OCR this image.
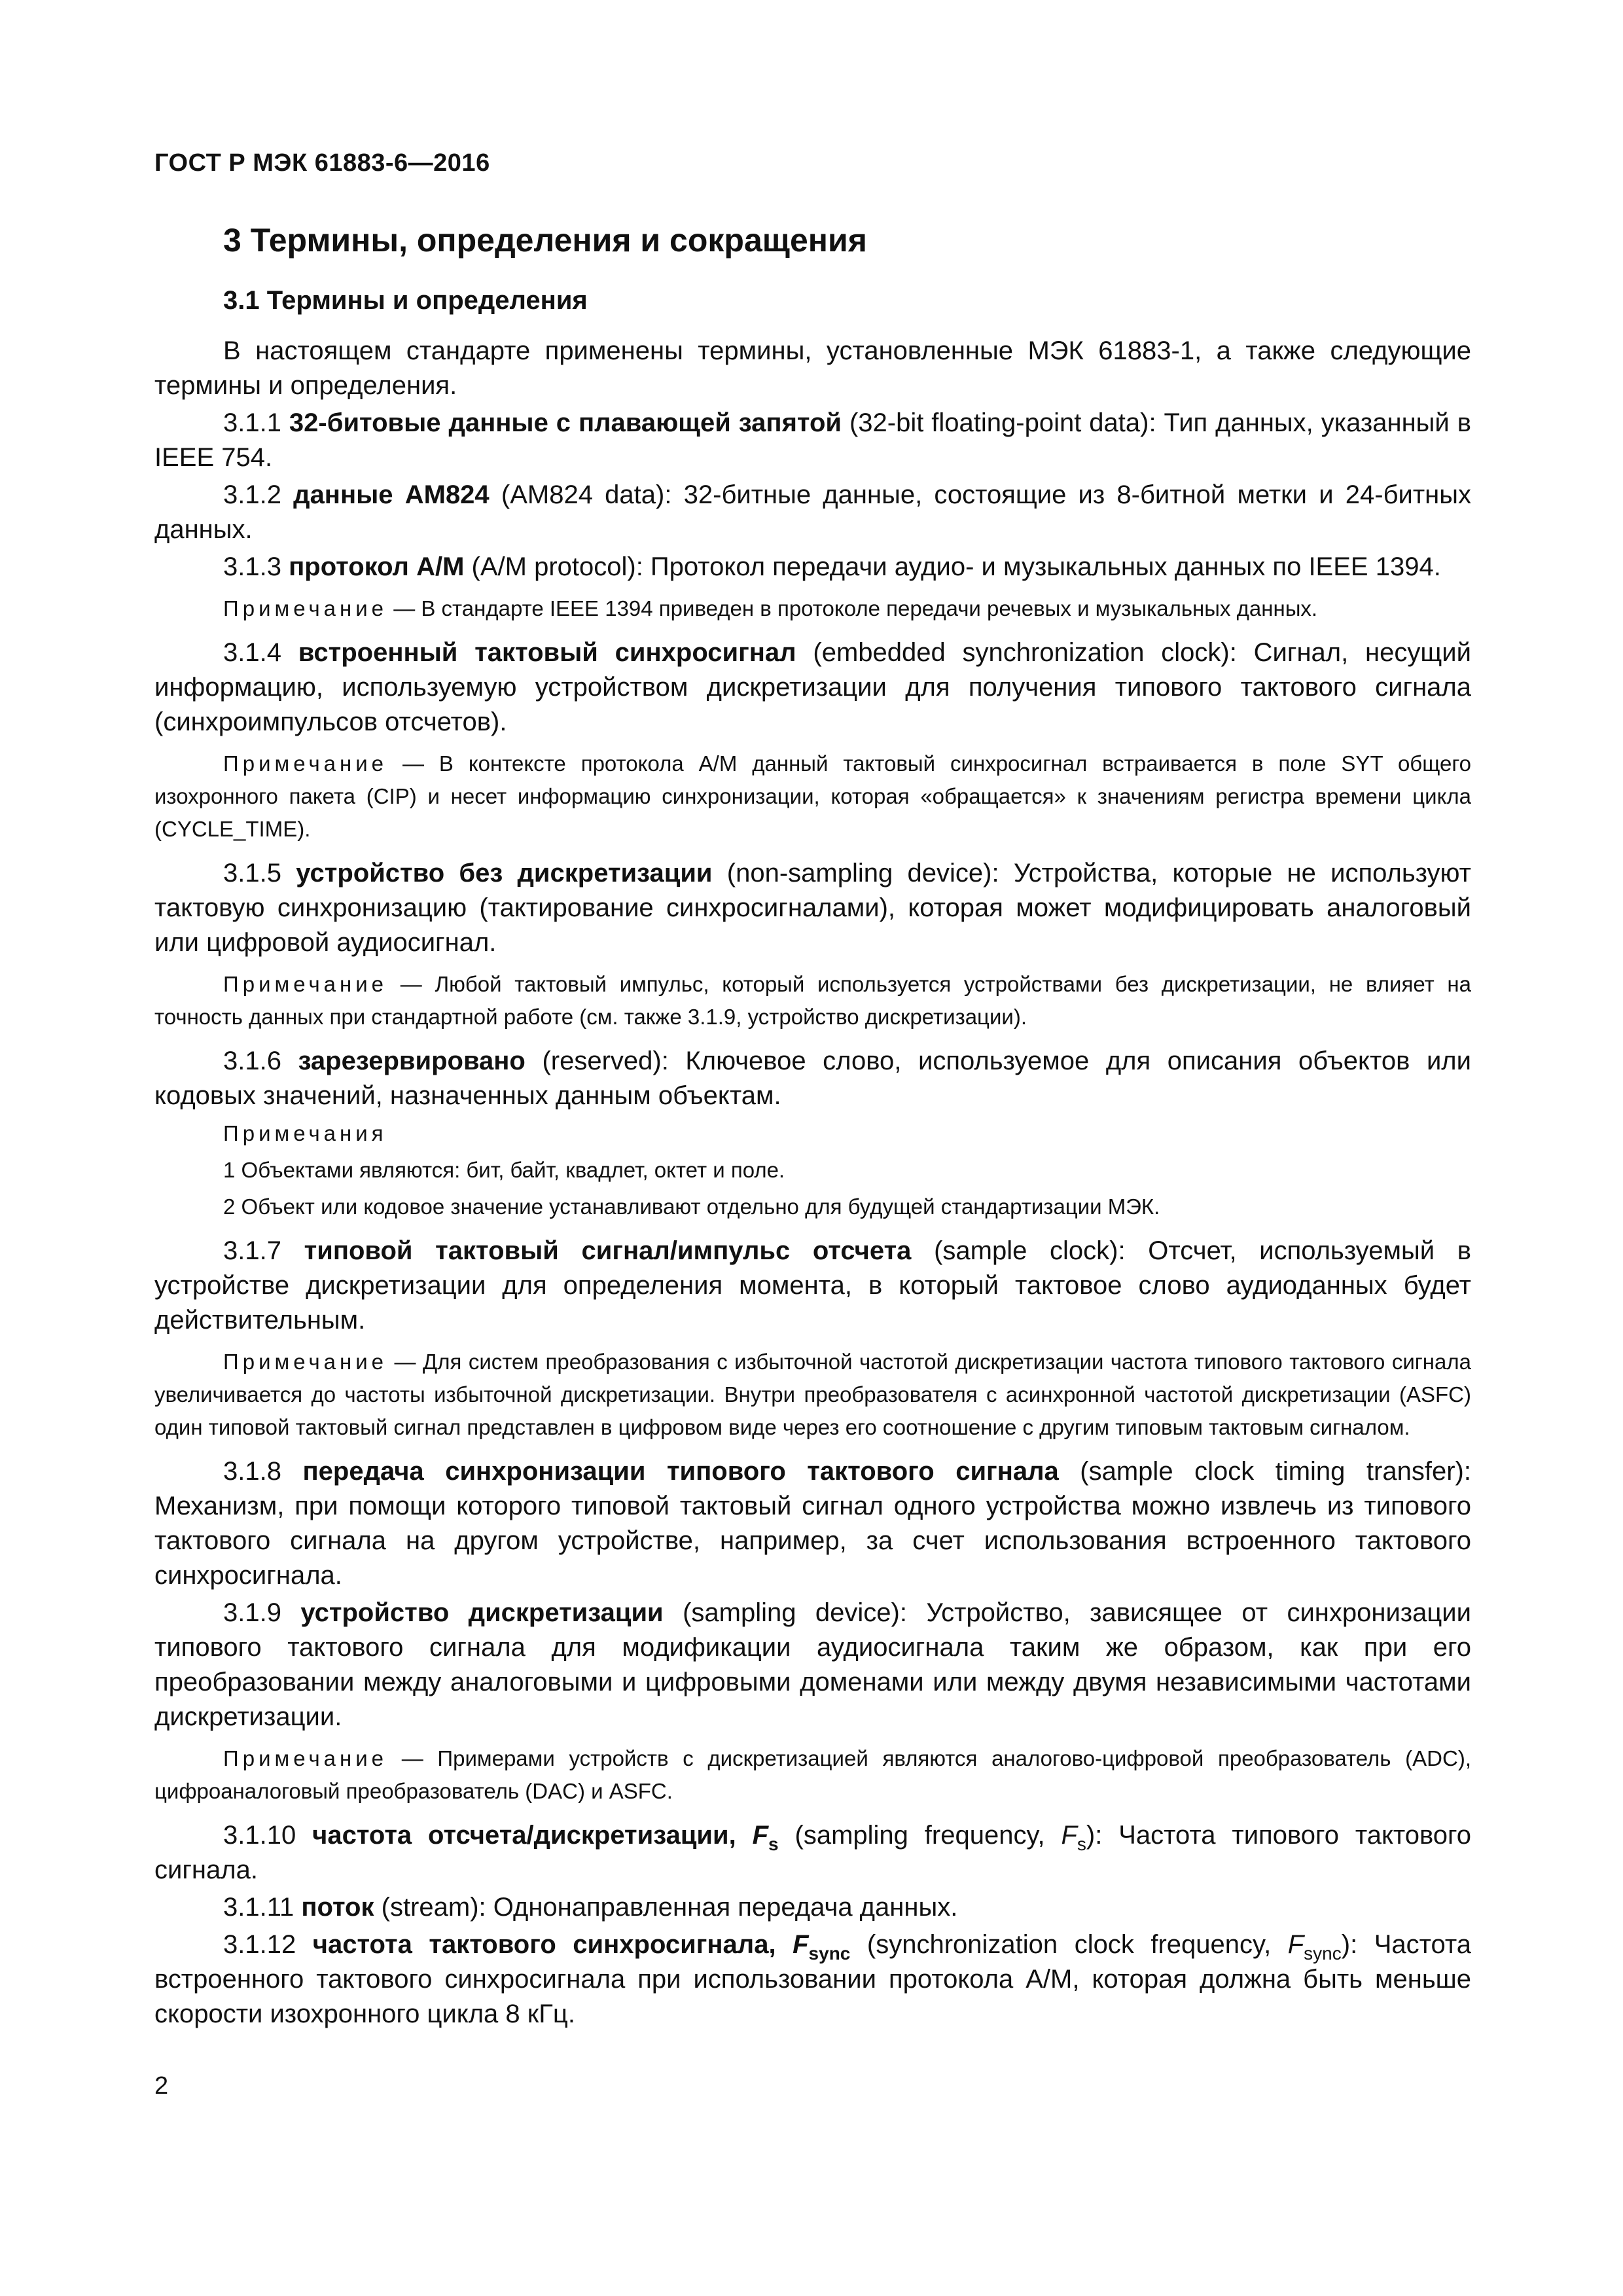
ГОСТ Р МЭК 61883-6—2016
3 Термины, определения и сокращения
3.1 Термины и определения

В настоящем стандарте применены термины, установленные МЭК 61883-1, а также следующие термины и определения.

3.1.1 32-битовые данные с плавающей запятой (32-bit floating-point data): Тип данных, указанный в IEEE 754.

3.1.2 данные AM824 (AM824 data): 32-битные данные, состоящие из 8-битной метки и 24-битных данных.

3.1.3 протокол A/M (A/M protocol): Протокол передачи аудио- и музыкальных данных по IEEE 1394.

Примечание — В стандарте IEEE 1394 приведен в протоколе передачи речевых и музыкальных данных.

3.1.4 встроенный тактовый синхросигнал (embedded synchronization clock): Сигнал, несущий информацию, используемую устройством дискретизации для получения типового тактового сигнала (синхроимпульсов отсчетов).

Примечание — В контексте протокола A/M данный тактовый синхросигнал встраивается в поле SYT общего изохронного пакета (CIP) и несет информацию синхронизации, которая «обращается» к значениям регистра времени цикла (CYCLE_TIME).

3.1.5 устройство без дискретизации (non-sampling device): Устройства, которые не используют тактовую синхронизацию (тактирование синхросигналами), которая может модифицировать аналоговый или цифровой аудиосигнал.

Примечание — Любой тактовый импульс, который используется устройствами без дискретизации, не влияет на точность данных при стандартной работе (см. также 3.1.9, устройство дискретизации).

3.1.6 зарезервировано (reserved): Ключевое слово, используемое для описания объектов или кодовых значений, назначенных данным объектам.

Примечания

1 Объектами являются: бит, байт, квадлет, октет и поле.

2 Объект или кодовое значение устанавливают отдельно для будущей стандартизации МЭК.

3.1.7 типовой тактовый сигнал/импульс отсчета (sample clock): Отсчет, используемый в устройстве дискретизации для определения момента, в который тактовое слово аудиоданных будет действительным.

Примечание — Для систем преобразования с избыточной частотой дискретизации частота типового тактового сигнала увеличивается до частоты избыточной дискретизации. Внутри преобразователя с асинхронной частотой дискретизации (ASFC) один типовой тактовый сигнал представлен в цифровом виде через его соотношение с другим типовым тактовым сигналом.

3.1.8 передача синхронизации типового тактового сигнала (sample clock timing transfer): Механизм, при помощи которого типовой тактовый сигнал одного устройства можно извлечь из типового тактового сигнала на другом устройстве, например, за счет использования встроенного тактового синхросигнала.

3.1.9 устройство дискретизации (sampling device): Устройство, зависящее от синхронизации типового тактового сигнала для модификации аудиосигнала таким же образом, как при его преобразовании между аналоговыми и цифровыми доменами или между двумя независимыми частотами дискретизации.

Примечание — Примерами устройств с дискретизацией являются аналогово-цифровой преобразователь (ADC), цифроаналоговый преобразователь (DAC) и ASFC.

3.1.10 частота отсчета/дискретизации, $F_s$ (sampling frequency, $F_s$): Частота типового тактового сигнала.

3.1.11 поток (stream): Однонаправленная передача данных.

3.1.12 частота тактового синхросигнала, $F_{sync}$ (synchronization clock frequency, $F_{sync}$): Частота встроенного тактового синхросигнала при использовании протокола A/M, которая должна быть меньше скорости изохронного цикла 8 кГц.

2
